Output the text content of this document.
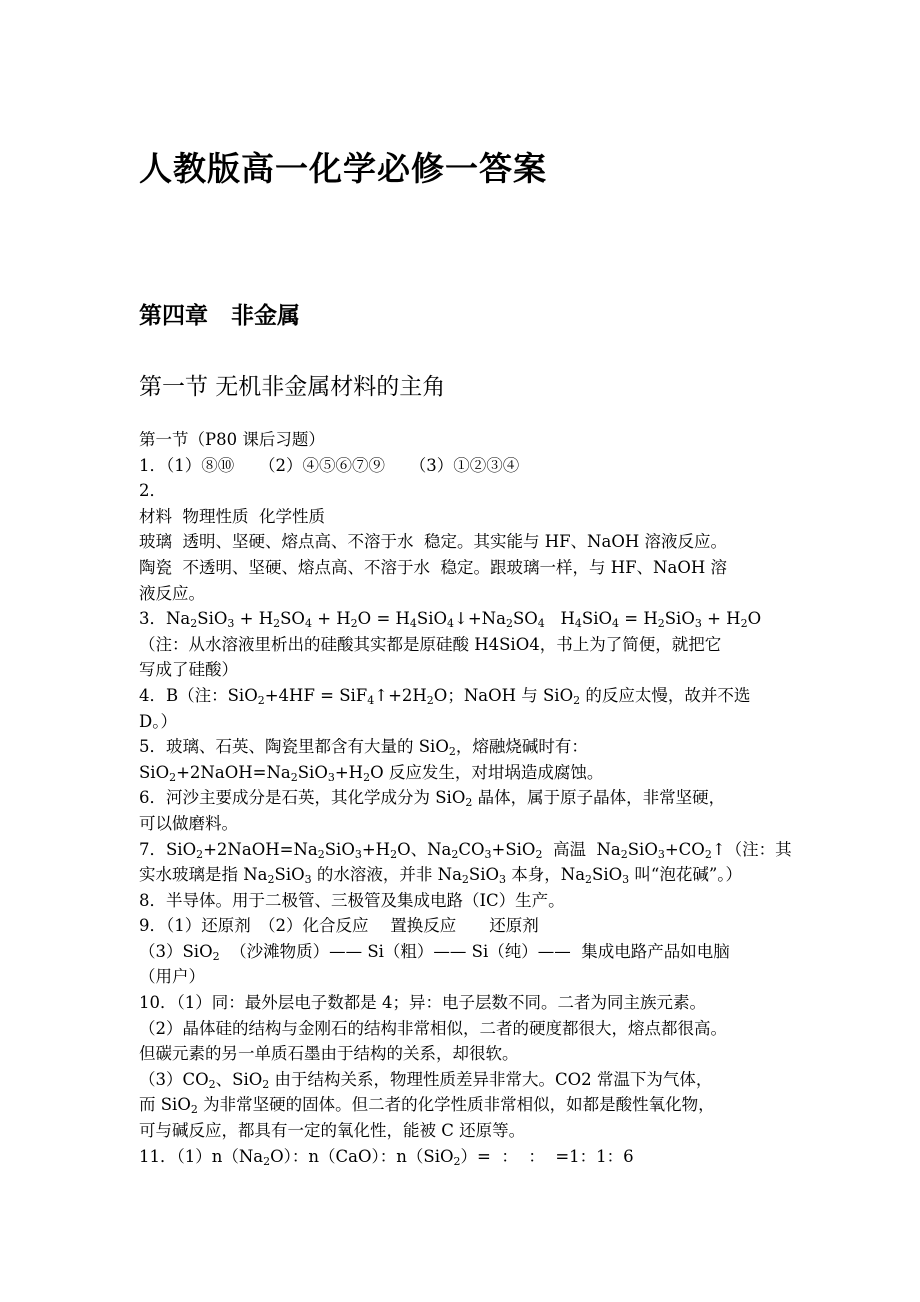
人教版高一化学必修一答案
第四章　非金属
第一节 无机非金属材料的主角
第一节（P80 课后习题）
1．（1）⑧⑩　　（2）④⑤⑥⑦⑨　　（3）①②③④
2．
材料  物理性质  化学性质
玻璃  透明、坚硬、熔点高、不溶于水  稳定。其实能与 HF、NaOH 溶液反应。
陶瓷  不透明、坚硬、熔点高、不溶于水  稳定。跟玻璃一样，与 HF、NaOH 溶
液反应。
3．$Na_2SiO_3 + H_2SO_4 + H_2O$ = $H_4SiO_4↓+Na_2SO_4$   $H_4SiO_4 = H_2SiO_3 + H_2O$
（注：从水溶液里析出的硅酸其实都是原硅酸 H4SiO4，书上为了简便，就把它
写成了硅酸）
4．B（注：$SiO_2+4HF = SiF_4↑+2H_2O$；NaOH 与 SiO$_2$ 的反应太慢，故并不选
D。）
5．玻璃、石英、陶瓷里都含有大量的 SiO$_2$，熔融烧碱时有：
$SiO_2+2NaOH=Na_2SiO_3+H_2O$ 反应发生，对坩埚造成腐蚀。
6．河沙主要成分是石英，其化学成分为 SiO$_2$ 晶体，属于原子晶体，非常坚硬，
可以做磨料。
7．$SiO_2+2NaOH=Na_2SiO_3+H_2O$、$Na_2CO_3+SiO_2$  高温  $Na_2SiO_3+CO_2↑$（注：其
实水玻璃是指 $Na_2SiO_3$ 的水溶液，并非 $Na_2SiO_3$ 本身，$Na_2SiO_3$ 叫“泡花碱”。）
8．半导体。用于二极管、三极管及集成电路（IC）生产。
9．（1）还原剂　（2）化合反应　 置换反应　　还原剂
（3）SiO$_2$  （沙滩物质）—— Si（粗）—— Si（纯）——  集成电路产品如电脑
（用户）
10．（1）同：最外层电子数都是 4；异：电子层数不同。二者为同主族元素。
（2）晶体硅的结构与金刚石的结构非常相似，二者的硬度都很大，熔点都很高。
但碳元素的另一单质石墨由于结构的关系，却很软。
$(3)CO_2$、SiO$_2$ 由于结构关系，物理性质差异非常大。CO2 常温下为气体，
而 SiO$_2$ 为非常坚硬的固体。但二者的化学性质非常相似，如都是酸性氧化物，
可与碱反应，都具有一定的氧化性，能被 C 还原等。
11．$(1)n(Na_2O)$：n（CaO）：n（SiO$_2$）=  ：  ：  =1：1：6
